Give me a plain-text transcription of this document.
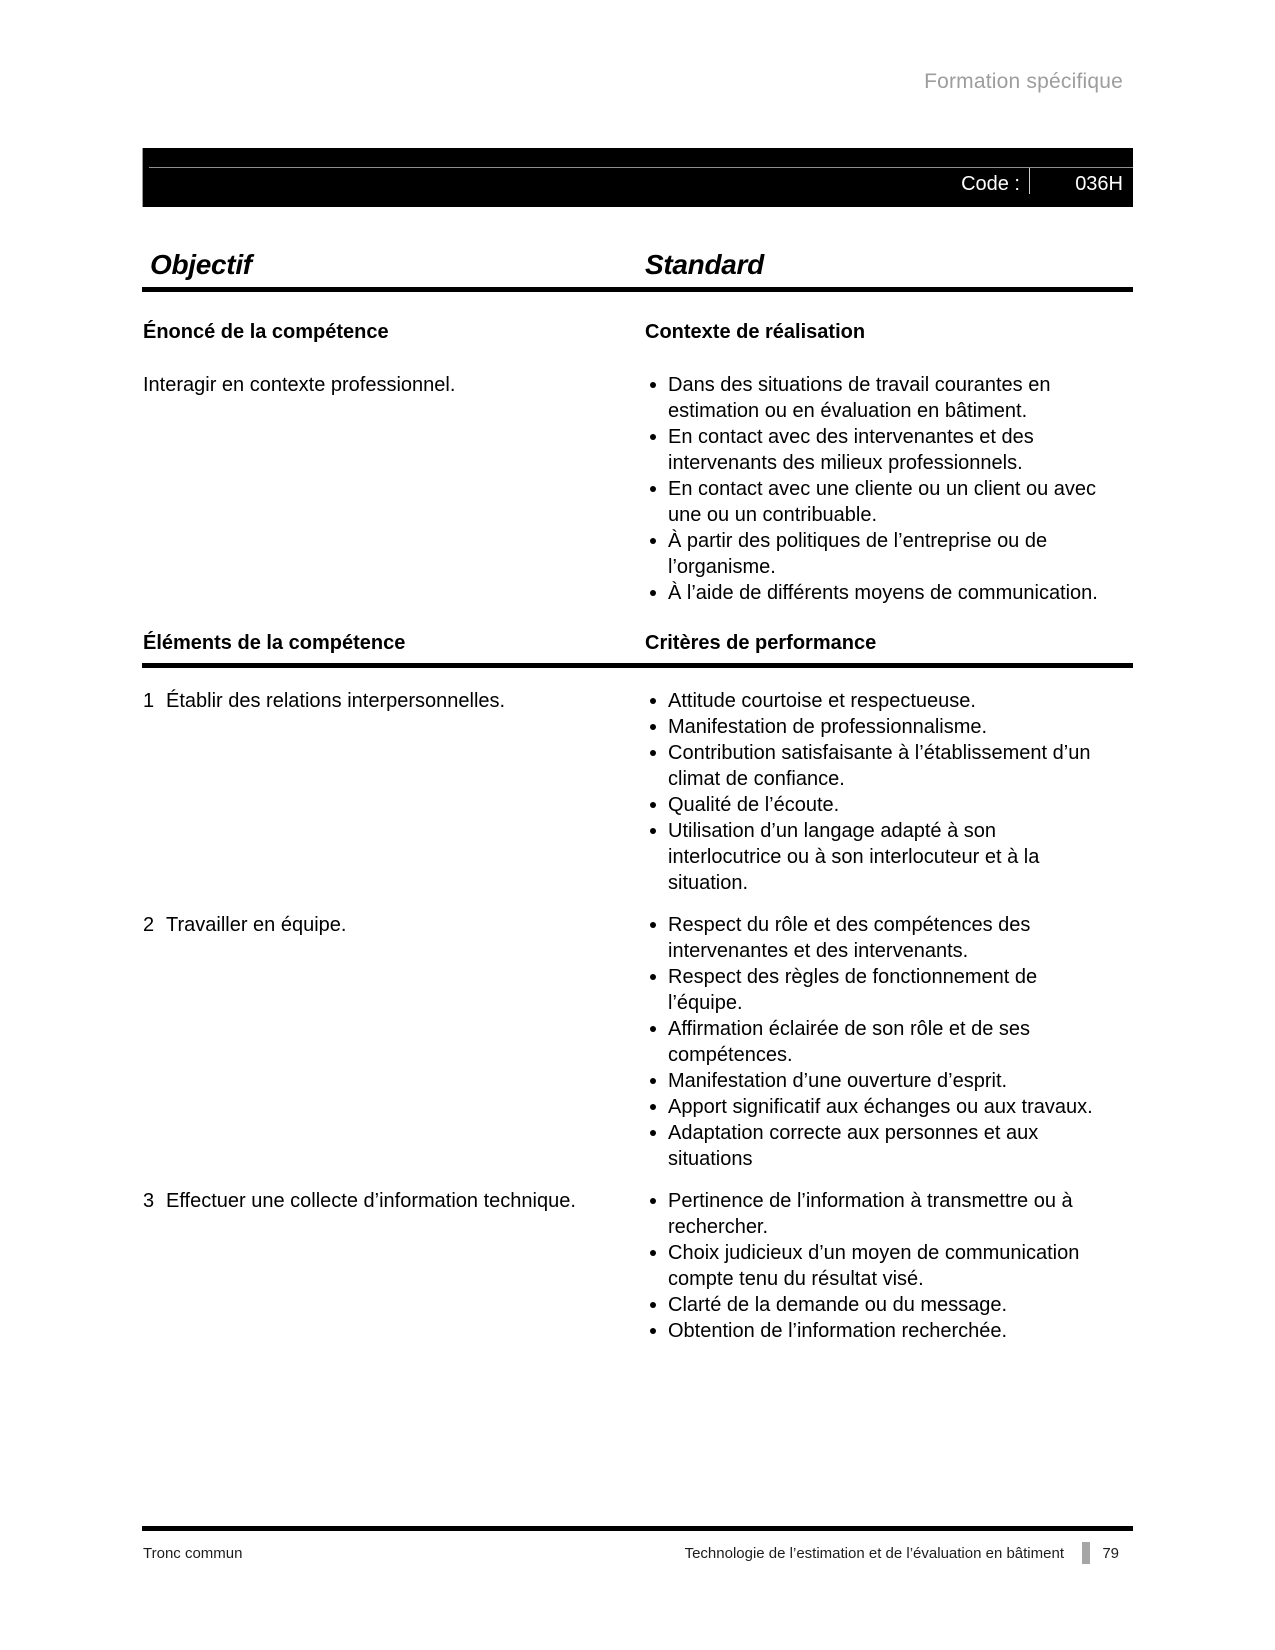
Formation spécifique
Code :	036H
Objectif	Standard
Énoncé de la compétence	Contexte de réalisation
Interagir en contexte professionnel.	Dans des situations de travail courantes en estimation ou en évaluation en bâtiment.
En contact avec des intervenantes et des intervenants des milieux professionnels.
En contact avec une cliente ou un client ou avec une ou un contribuable.
À partir des politiques de l’entreprise ou de l’organisme.
À l’aide de différents moyens de communication.
Éléments de la compétence	Critères de performance
1 Établir des relations interpersonnelles.	Attitude courtoise et respectueuse.
Manifestation de professionnalisme.
Contribution satisfaisante à l’établissement d’un climat de confiance.
Qualité de l’écoute.
Utilisation d’un langage adapté à son interlocutrice ou à son interlocuteur et à la situation.
2 Travailler en équipe.	Respect du rôle et des compétences des intervenantes et des intervenants.
Respect des règles de fonctionnement de l’équipe.
Affirmation éclairée de son rôle et de ses compétences.
Manifestation d’une ouverture d’esprit.
Apport significatif aux échanges ou aux travaux.
Adaptation correcte aux personnes et aux situations
3 Effectuer une collecte d’information technique.	Pertinence de l’information à transmettre ou à rechercher.
Choix judicieux d’un moyen de communication compte tenu du résultat visé.
Clarté de la demande ou du message.
Obtention de l’information recherchée.
Tronc commun	Technologie de l’estimation et de l’évaluation en bâtiment	79
